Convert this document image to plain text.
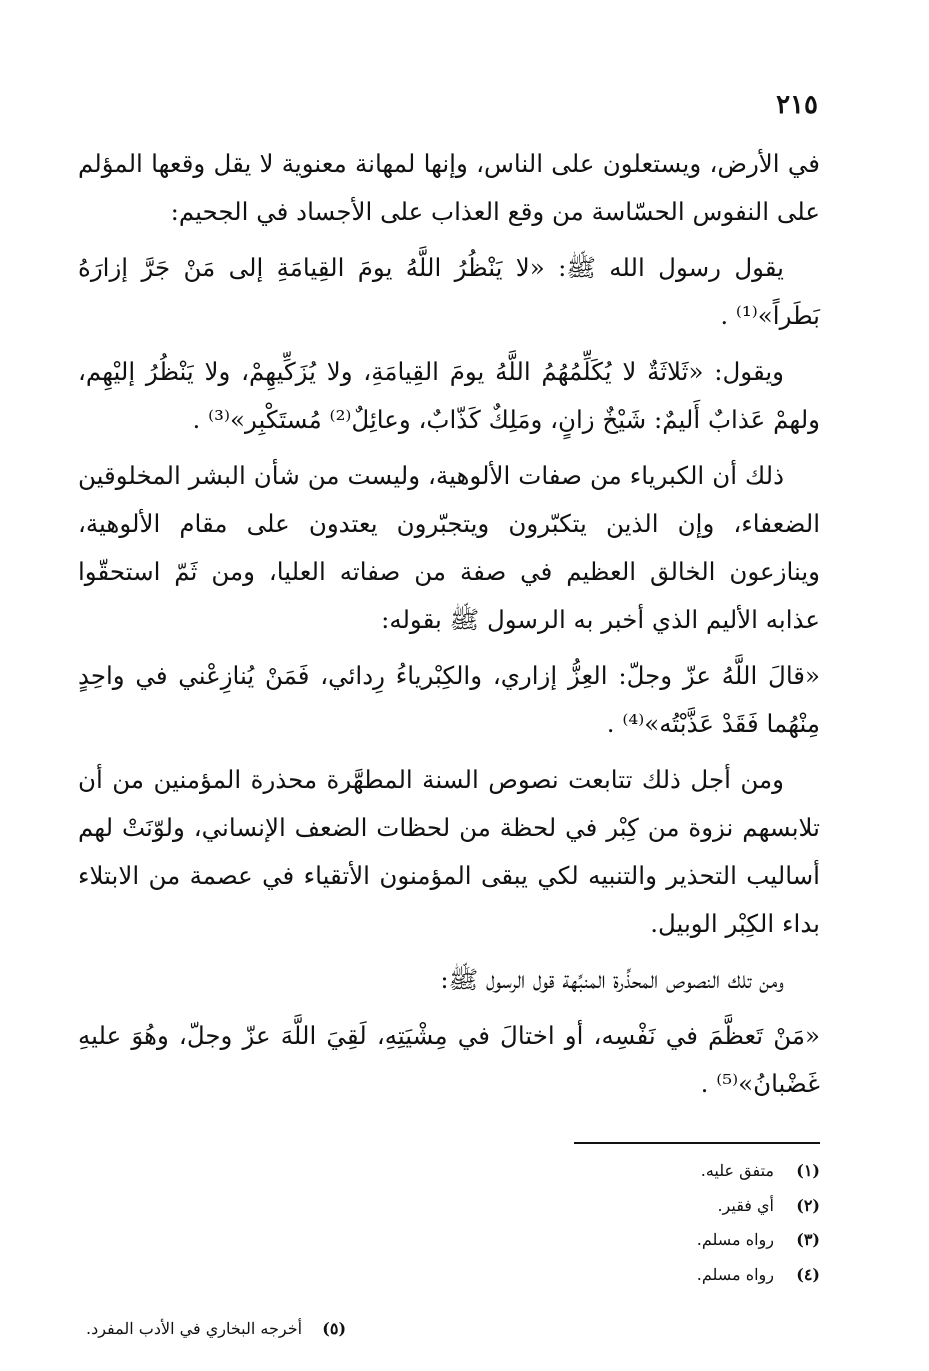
٢١٥

في الأرض، ويستعلون على الناس، وإنها لمهانة معنوية لا يقل وقعها المؤلم على النفوس الحسّاسة من وقع العذاب على الأجساد في الجحيم:

يقول رسول الله ﷺ: «لا يَنْظُرُ اللَّهُ يومَ القِيامَةِ إلى مَنْ جَرَّ إزارَهُ بَطَراً»⁽¹⁾ .

ويقول: «ثَلاثَةٌ لا يُكَلِّمُهُمُ اللَّهُ يومَ القِيامَةِ، ولا يُزَكِّيهِمْ، ولا يَنْظُرُ إليْهِم، ولهمْ عَذابٌ أَليمٌ: شَيْخٌ زانٍ، ومَلِكٌ كَذّابٌ، وعائِلٌ⁽²⁾ مُستَكْبِر»⁽³⁾ .

ذلك أن الكبرياء من صفات الألوهية، وليست من شأن البشر المخلوقين الضعفاء، وإن الذين يتكبّرون ويتجبّرون يعتدون على مقام الألوهية، وينازعون الخالق العظيم في صفة من صفاته العليا، ومن ثَمّ استحقّوا عذابه الأليم الذي أخبر به الرسول ﷺ بقوله:

«قالَ اللَّهُ عزّ وجلّ: العِزُّ إزاري، والكِبْرياءُ رِدائي، فَمَنْ يُنازِعْني في واحِدٍ مِنْهُما فَقَدْ عَذَّبْتُه»⁽⁴⁾ .

ومن أجل ذلك تتابعت نصوص السنة المطهَّرة محذرة المؤمنين من أن تلابسهم نزوة من كِبْر في لحظة من لحظات الضعف الإنساني، ولوّنَتْ لهم أساليب التحذير والتنبيه لكي يبقى المؤمنون الأتقياء في عصمة من الابتلاء بداء الكِبْر الوبيل.

ومن تلك النصوص المحذِّرة المنبِّهة قول الرسول ﷺ:

«مَنْ تَعظَّمَ في نَفْسِه، أو اختالَ في مِشْيَتِهِ، لَقِيَ اللَّهَ عزّ وجلّ، وهُوَ عليهِ غَضْبانُ»⁽⁵⁾ .

(١)متفق عليه.
(٢)أي فقير.
(٣)رواه مسلم.
(٤)رواه مسلم.
(٥)أخرجه البخاري في الأدب المفرد.
